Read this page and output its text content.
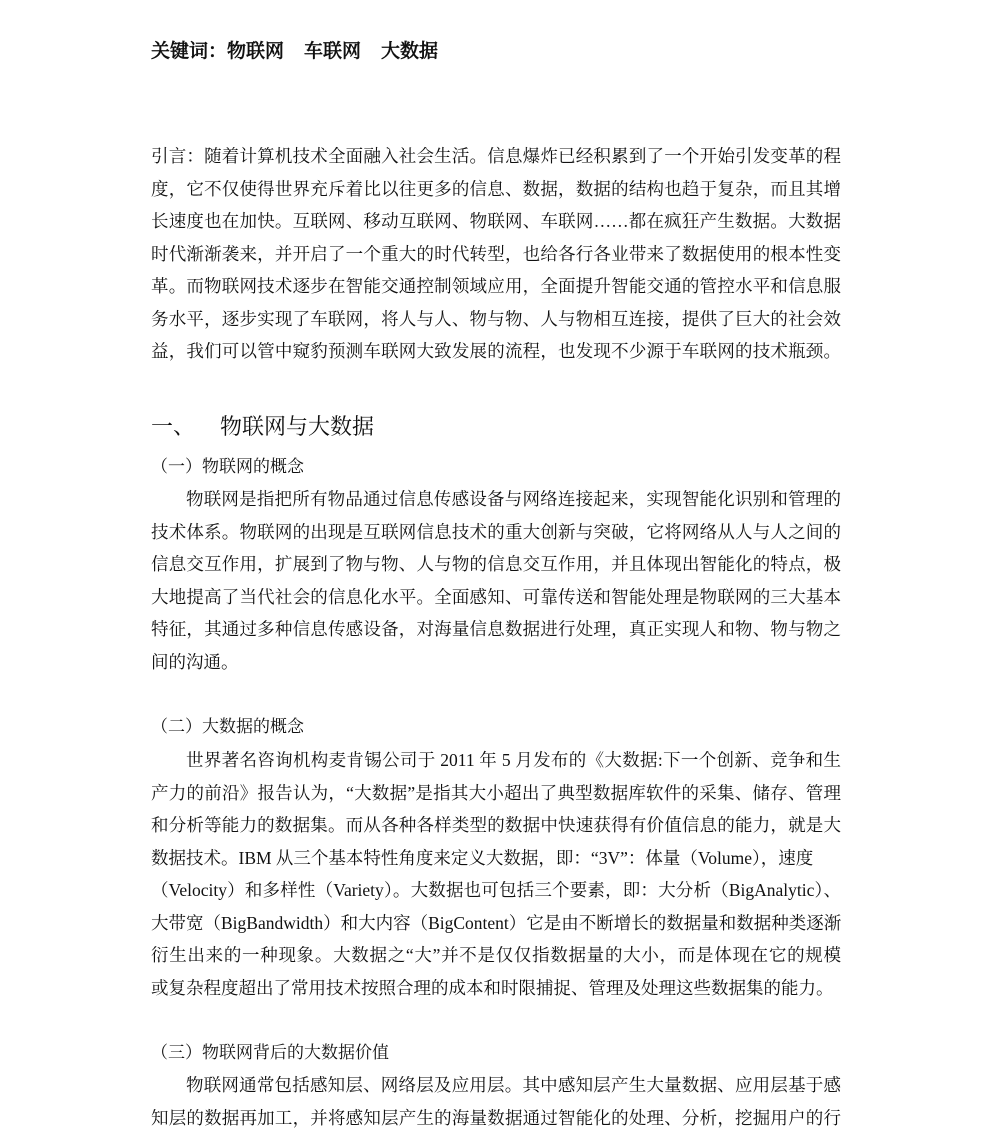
关键词：物联网 车联网 大数据
引言：随着计算机技术全面融入社会生活。信息爆炸已经积累到了一个开始引发变革的程
度，它不仅使得世界充斥着比以往更多的信息、数据，数据的结构也趋于复杂，而且其增
长速度也在加快。互联网、移动互联网、物联网、车联网……都在疯狂产生数据。大数据
时代渐渐袭来，并开启了一个重大的时代转型，也给各行各业带来了数据使用的根本性变
革。而物联网技术逐步在智能交通控制领域应用，全面提升智能交通的管控水平和信息服
务水平，逐步实现了车联网，将人与人、物与物、人与物相互连接，提供了巨大的社会效
益，我们可以管中窥豹预测车联网大致发展的流程，也发现不少源于车联网的技术瓶颈。
一、 物联网与大数据
（一）物联网的概念
物联网是指把所有物品通过信息传感设备与网络连接起来，实现智能化识别和管理的
技术体系。物联网的出现是互联网信息技术的重大创新与突破，它将网络从人与人之间的
信息交互作用，扩展到了物与物、人与物的信息交互作用，并且体现出智能化的特点，极
大地提高了当代社会的信息化水平。全面感知、可靠传送和智能处理是物联网的三大基本
特征，其通过多种信息传感设备，对海量信息数据进行处理，真正实现人和物、物与物之
间的沟通。
（二）大数据的概念
世界著名咨询机构麦肯锡公司于 2011 年 5 月发布的《大数据:下一个创新、竞争和生
产力的前沿》报告认为，“大数据”是指其大小超出了典型数据库软件的采集、储存、管理
和分析等能力的数据集。而从各种各样类型的数据中快速获得有价值信息的能力，就是大
数据技术。IBM 从三个基本特性角度来定义大数据，即：“3V”：体量（Volume），速度
（Velocity）和多样性（Variety）。大数据也可包括三个要素，即：大分析（BigAnalytic）、
大带宽（BigBandwidth）和大内容（BigContent）它是由不断增长的数据量和数据种类逐渐
衍生出来的一种现象。大数据之“大”并不是仅仅指数据量的大小，而是体现在它的规模
或复杂程度超出了常用技术按照合理的成本和时限捕捉、管理及处理这些数据集的能力。
（三）物联网背后的大数据价值
物联网通常包括感知层、网络层及应用层。其中感知层产生大量数据、应用层基于感
知层的数据再加工，并将感知层产生的海量数据通过智能化的处理、分析，挖掘用户的行
